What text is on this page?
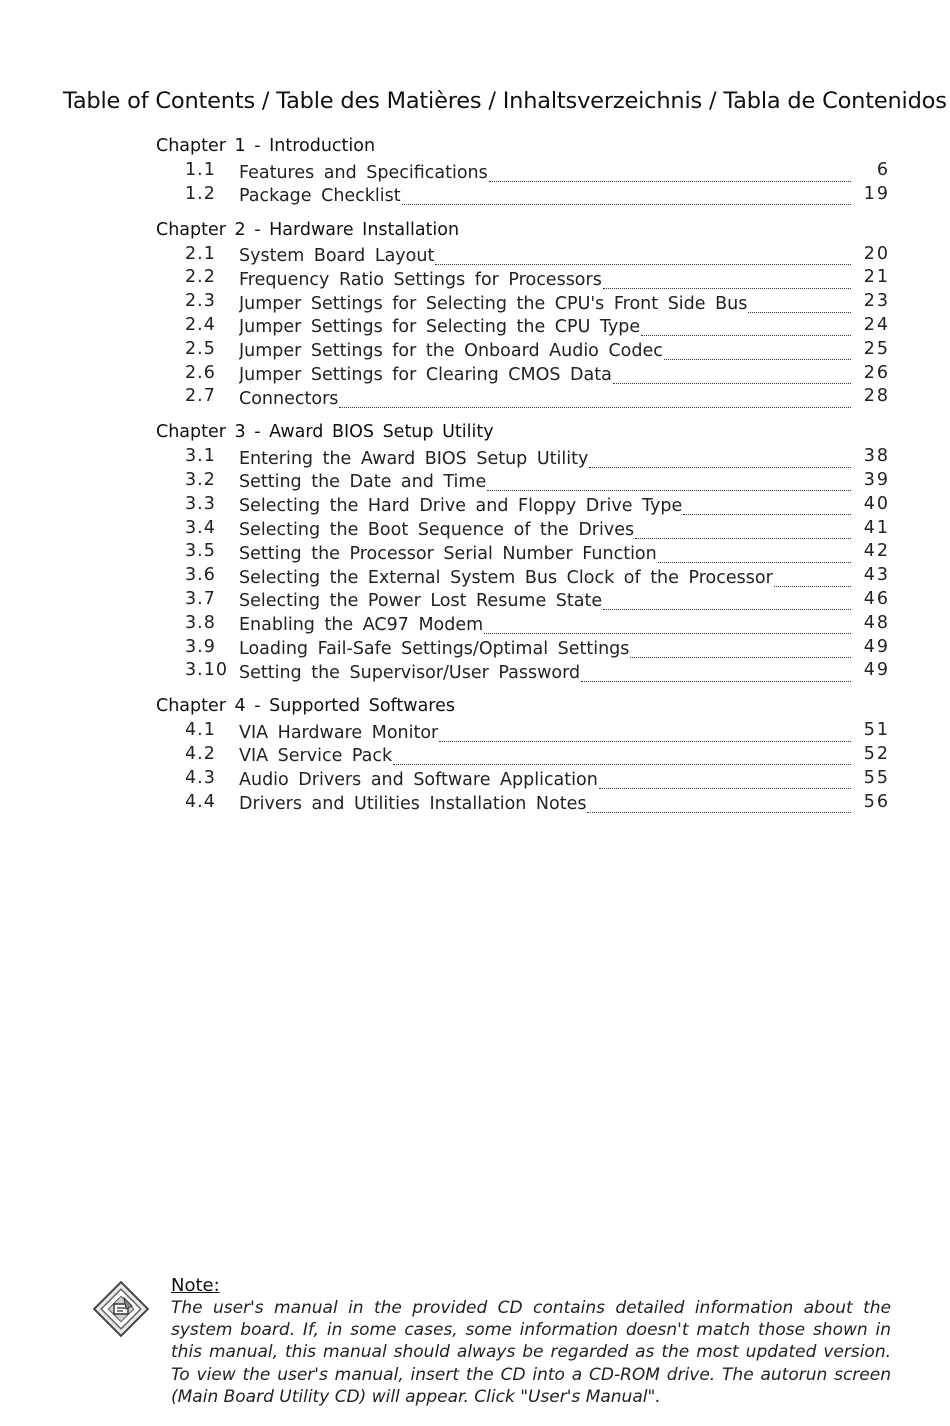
Table of Contents / Table des Matières / Inhaltsverzeichnis / Tabla de Contenidos
Chapter 1 - Introduction
1.1	Features and Specifications	6
1.2	Package Checklist	19
Chapter 2 - Hardware Installation
2.1	System Board Layout	20
2.2	Frequency Ratio Settings for Processors	21
2.3	Jumper Settings for Selecting the CPU's Front Side Bus	23
2.4	Jumper Settings for Selecting the CPU Type	24
2.5	Jumper Settings for the Onboard Audio Codec	25
2.6	Jumper Settings for Clearing CMOS Data	26
2.7	Connectors	28
Chapter 3 - Award BIOS Setup Utility
3.1	Entering the Award BIOS Setup Utility	38
3.2	Setting the Date and Time	39
3.3	Selecting the Hard Drive and Floppy Drive Type	40
3.4	Selecting the Boot Sequence of the Drives	41
3.5	Setting the Processor Serial Number Function	42
3.6	Selecting the External System Bus Clock of the Processor	43
3.7	Selecting the Power Lost Resume State	46
3.8	Enabling the AC97 Modem	48
3.9	Loading Fail-Safe Settings/Optimal Settings	49
3.10 Setting the Supervisor/User Password	49
Chapter 4 - Supported Softwares
4.1	VIA Hardware Monitor	51
4.2	VIA Service Pack	52
4.3	Audio Drivers and Software Application	55
4.4	Drivers and Utilities Installation Notes	56
Note:
The user's manual in the provided CD contains detailed information about the system board. If, in some cases, some information doesn't match those shown in this manual, this manual should always be regarded as the most updated version. To view the user's manual, insert the CD into a CD-ROM drive. The autorun screen (Main Board Utility CD) will appear. Click "User's Manual".
